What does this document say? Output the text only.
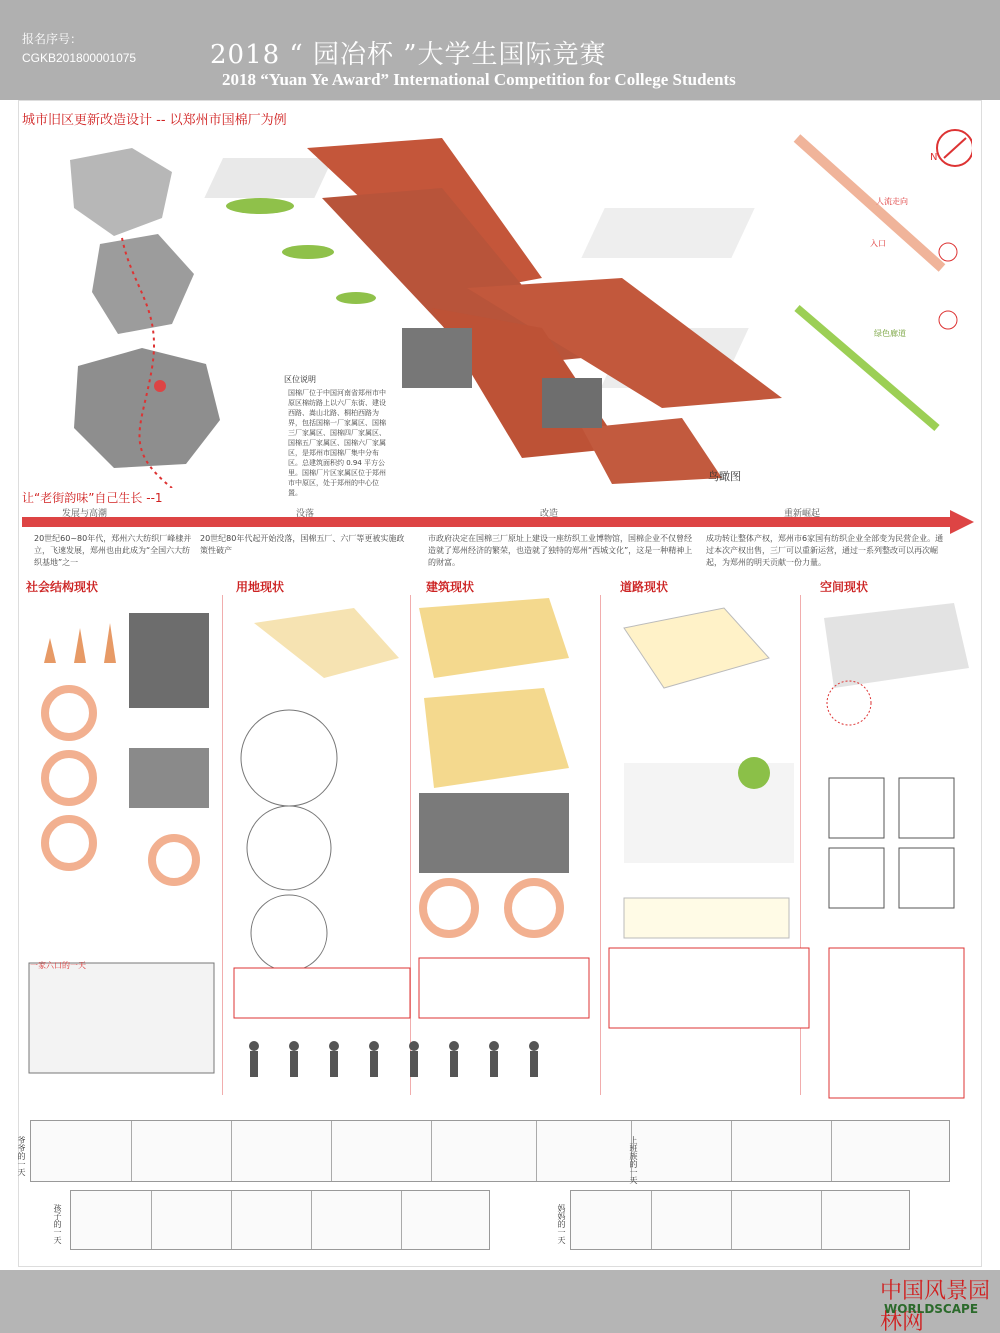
报名序号：
CGKB201800001075	2018 “ 园冶杯 ”大学生国际竞赛
2018 “Yuan Ye Award” International Competition for College Students
城市旧区更新改造设计 -- 以郑州市国棉厂为例
N
人流走向
入口
绿色廊道
鸟瞰图
区位说明
国棉厂位于中国河南省郑州市中原区棉纺路上以六厂东街、建设西路、嵩山北路、桐柏西路为界，包括国棉一厂家属区、国棉三厂家属区、国棉四厂家属区、国棉五厂家属区、国棉六厂家属区，是郑州市国棉厂集中分布区。总建筑面积约 0.94 平方公里。国棉厂片区家属区位于郑州市中原区，处于郑州的中心位置。
让“老街韵味”自己生长 --1
发展与高潮	没落	改造	重新崛起
20世纪60~80年代，郑州六大纺织厂峰棣并立，飞速发展，郑州也由此成为“全国六大纺织基地”之一
20世纪80年代起开始没落，国棉五厂、六厂等更被实施政策性破产
市政府决定在国棉三厂原址上建设一座纺织工业博物馆，国棉企业不仅曾经造就了郑州经济的繁荣，也造就了独特的郑州“西城文化”，这是一种精神上的财富。
成功转让整体产权，郑州市6家国有纺织企业全部变为民营企业。通过本次产权出售，三厂可以重新运营，通过一系列整改可以再次崛起，为郑州的明天贡献一份力量。
社会结构现状	用地现状	建筑现状	道路现状	空间现状
一家六口的一天
爷爷的一天	上班族的一天
孩子的一天	妈妈的一天
中国风景园林网
WORLDSCAPE
